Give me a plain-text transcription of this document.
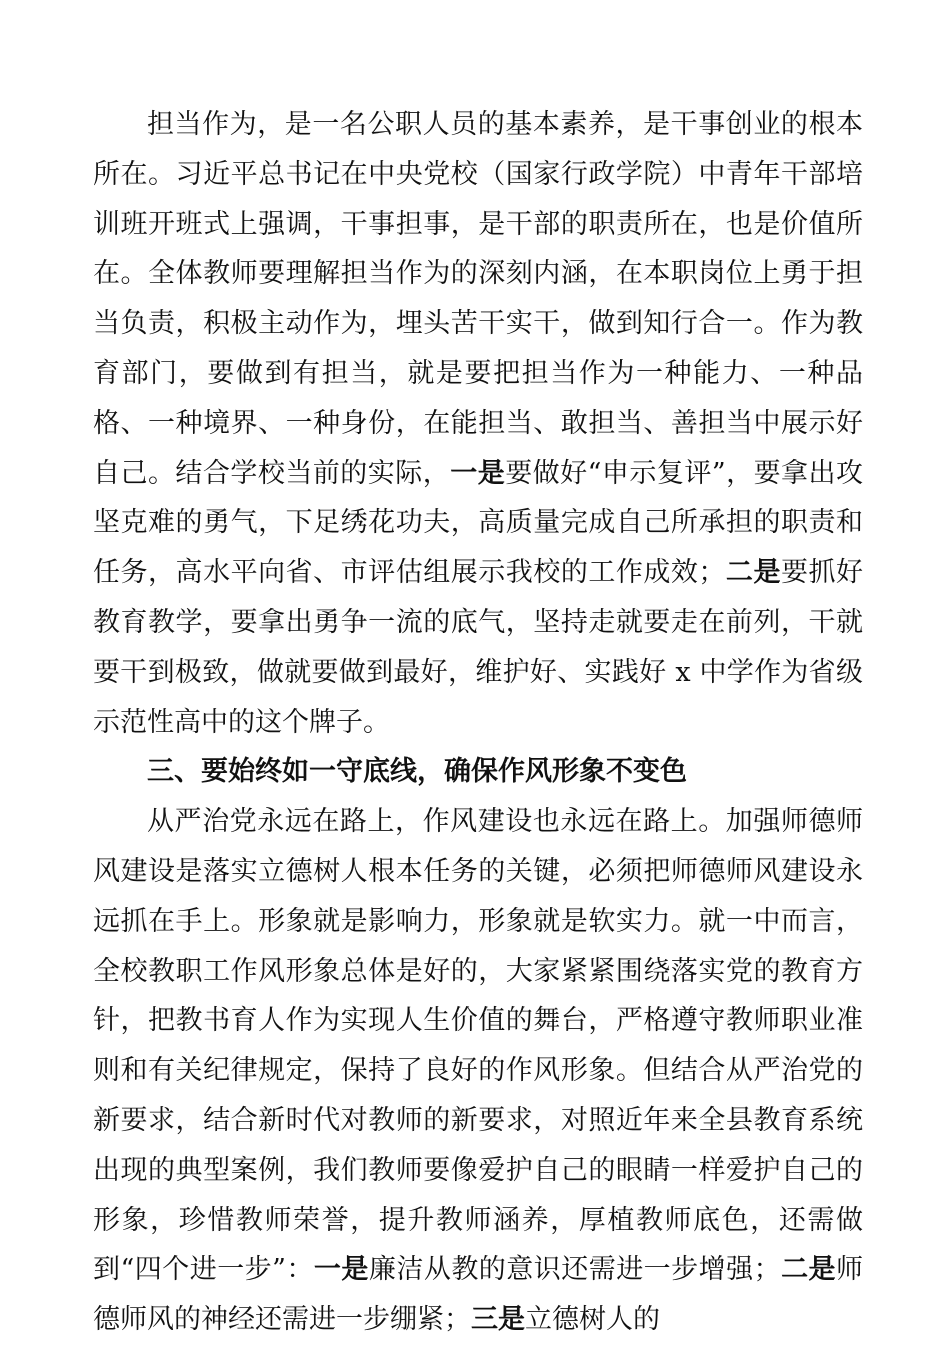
担当作为，是一名公职人员的基本素养，是干事创业的根本所在。习近平总书记在中央党校（国家行政学院）中青年干部培训班开班式上强调，干事担事，是干部的职责所在，也是价值所在。全体教师要理解担当作为的深刻内涵，在本职岗位上勇于担当负责，积极主动作为，埋头苦干实干，做到知行合一。作为教育部门，要做到有担当，就是要把担当作为一种能力、一种品格、一种境界、一种身份，在能担当、敢担当、善担当中展示好自己。结合学校当前的实际，一是要做好“申示复评”，要拿出攻坚克难的勇气，下足绣花功夫，高质量完成自己所承担的职责和任务，高水平向省、市评估组展示我校的工作成效；二是要抓好教育教学，要拿出勇争一流的底气，坚持走就要走在前列，干就要干到极致，做就要做到最好，维护好、实践好 x 中学作为省级示范性高中的这个牌子。

三、要始终如一守底线，确保作风形象不变色

从严治党永远在路上，作风建设也永远在路上。加强师德师风建设是落实立德树人根本任务的关键，必须把师德师风建设永远抓在手上。形象就是影响力，形象就是软实力。就一中而言，全校教职工作风形象总体是好的，大家紧紧围绕落实党的教育方针，把教书育人作为实现人生价值的舞台，严格遵守教师职业准则和有关纪律规定，保持了良好的作风形象。但结合从严治党的新要求，结合新时代对教师的新要求，对照近年来全县教育系统出现的典型案例，我们教师要像爱护自己的眼睛一样爱护自己的形象，珍惜教师荣誉，提升教师涵养，厚植教师底色，还需做到“四个进一步”：一是廉洁从教的意识还需进一步增强；二是师德师风的神经还需进一步绷紧；三是立德树人的
